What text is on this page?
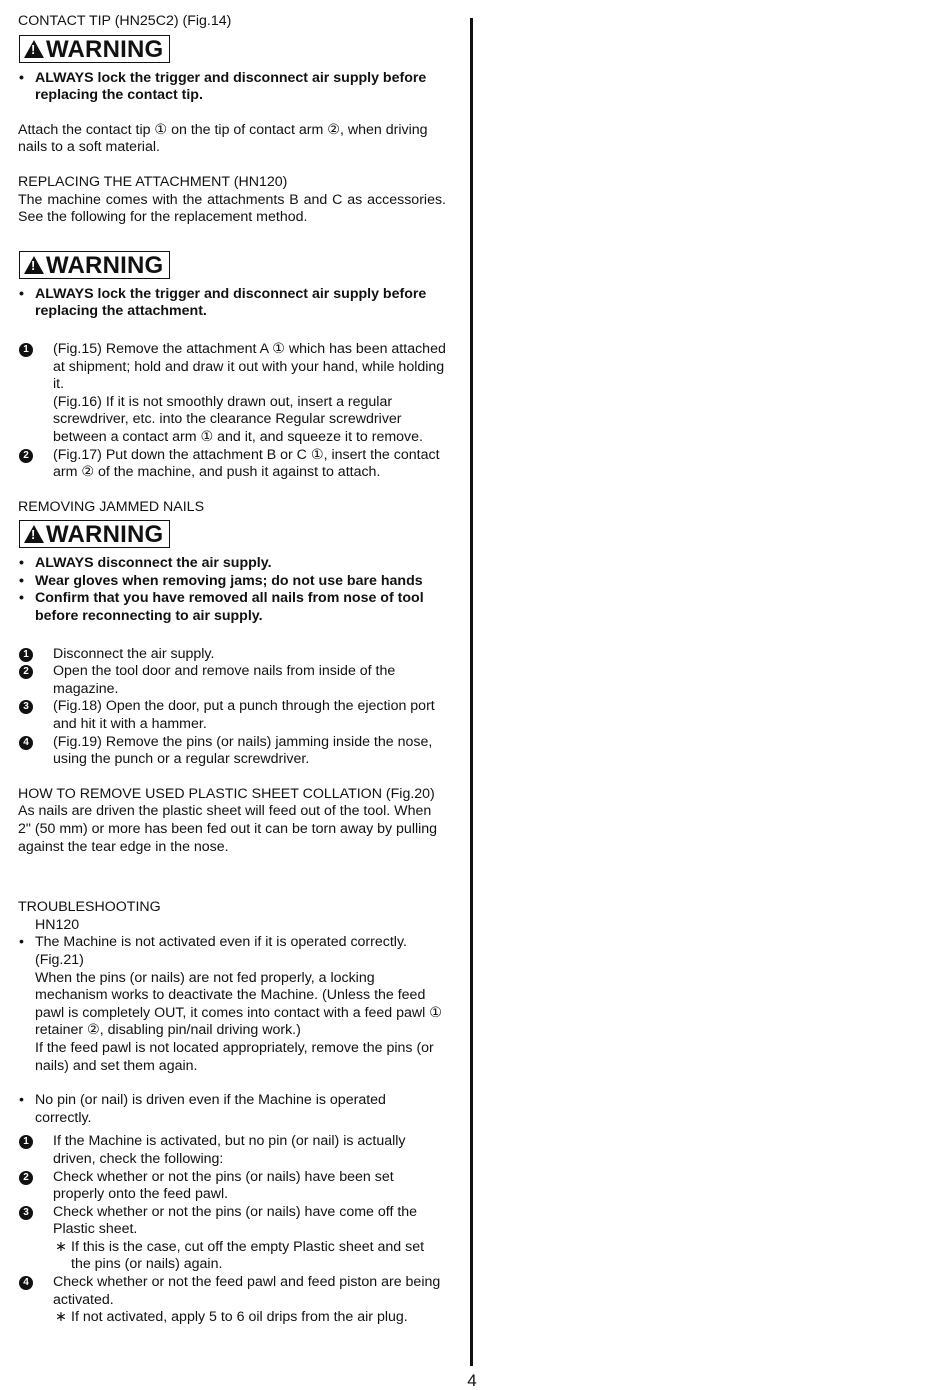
CONTACT TIP (HN25C2) (Fig.14)
!WARNING
• ALWAYS lock the trigger and disconnect air supply before replacing the contact tip.
Attach the contact tip ① on the tip of contact arm ②, when driving nails to a soft material.
REPLACING THE ATTACHMENT (HN120)
The machine comes with the attachments B and C as accessories. See the following for the replacement method.
!WARNING
• ALWAYS lock the trigger and disconnect air supply before replacing the attachment.
1 (Fig.15) Remove the attachment A ① which has been attached at shipment; hold and draw it out with your hand, while holding it.
(Fig.16) If it is not smoothly drawn out, insert a regular screwdriver, etc. into the clearance Regular screwdriver between a contact arm ① and it, and squeeze it to remove.
2 (Fig.17) Put down the attachment B or C ①, insert the contact arm ② of the machine, and push it against to attach.
REMOVING JAMMED NAILS
!WARNING
• ALWAYS disconnect the air supply.
• Wear gloves when removing jams; do not use bare hands
• Confirm that you have removed all nails from nose of tool before reconnecting to air supply.
1 Disconnect the air supply.
2 Open the tool door and remove nails from inside of the magazine.
3 (Fig.18) Open the door, put a punch through the ejection port and hit it with a hammer.
4 (Fig.19) Remove the pins (or nails) jamming inside the nose, using the punch or a regular screwdriver.
HOW TO REMOVE USED PLASTIC SHEET COLLATION (Fig.20)
As nails are driven the plastic sheet will feed out of the tool. When 2" (50 mm) or more has been fed out it can be torn away by pulling against the tear edge in the nose.
TROUBLESHOOTING
HN120
• The Machine is not activated even if it is operated correctly. (Fig.21)
When the pins (or nails) are not fed properly, a locking mechanism works to deactivate the Machine. (Unless the feed pawl is completely OUT, it comes into contact with a feed pawl ① retainer ②, disabling pin/nail driving work.)
If the feed pawl is not located appropriately, remove the pins (or nails) and set them again.
• No pin (or nail) is driven even if the Machine is operated correctly.
1 If the Machine is activated, but no pin (or nail) is actually driven, check the following:
2 Check whether or not the pins (or nails) have been set properly onto the feed pawl.
3 Check whether or not the pins (or nails) have come off the Plastic sheet.
∗ If this is the case, cut off the empty Plastic sheet and set the pins (or nails) again.
4 Check whether or not the feed pawl and feed piston are being activated.
∗ If not activated, apply 5 to 6 oil drips from the air plug.
4
